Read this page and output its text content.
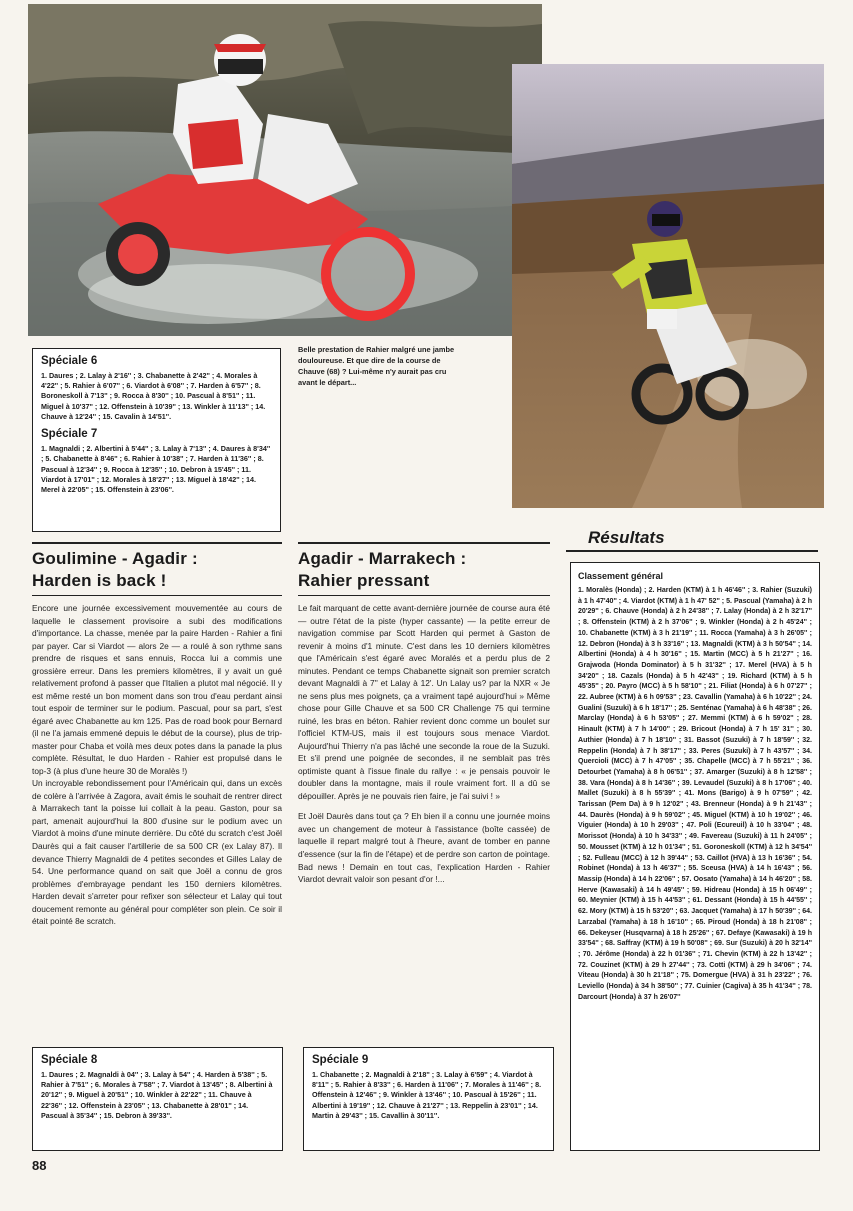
Spéciale 6
1. Daures ; 2. Lalay à 2'16'' ; 3. Chabanette à 2'42'' ; 4. Morales à 4'22'' ; 5. Rahier à 6'07'' ; 6. Viardot à 6'08'' ; 7. Harden à 6'57'' ; 8. Boroneskoll à 7'13'' ; 9. Rocca à 8'30'' ; 10. Pascual à 8'51'' ; 11. Miguel à 10'37'' ; 12. Offenstein à 10'39'' ; 13. Winkler à 11'13'' ; 14. Chauve à 12'24'' ; 15. Cavalin à 14'51''.
Spéciale 7
1. Magnaldi ; 2. Albertini à 5'44'' ; 3. Lalay à 7'13'' ; 4. Daures à 8'34'' ; 5. Chabanette à 8'46'' ; 6. Rahier à 10'38'' ; 7. Harden à 11'36'' ; 8. Pascual à 12'34'' ; 9. Rocca à 12'35'' ; 10. Debron à 15'45'' ; 11. Viardot à 17'01'' ; 12. Morales à 18'27'' ; 13. Miguel à 18'42'' ; 14. Merel à 22'05'' ; 15. Offenstein à 23'06''.
Belle prestation de Rahier malgré une jambe douloureuse. Et que dire de la course de Chauve (68) ? Lui-même n'y aurait pas cru avant le départ...
Goulimine - Agadir :
Harden is back !

Encore une journée excessivement mouvementée au cours de laquelle le classement provisoire a subi des modifications d'importance. La chasse, menée par la paire Harden - Rahier a fini par payer. Car si Viardot — alors 2e — a roulé à son rythme sans prendre de risques et sans ennuis, Rocca lui a commis une grossière erreur. Dans les premiers kilomètres, il y avait un gué relativement profond à passer que l'Italien a plutot mal négocié. Il y est même resté un bon moment dans son trou d'eau perdant ainsi tout espoir de terminer sur le podium. Pascual, pour sa part, s'est égaré avec Chabanette au km 125. Pas de road book pour Bernard (il ne l'a jamais emmené depuis le début de la course), plus de trip-master pour Chaba et voilà mes deux potes dans la panade la plus complète. Résultat, le duo Harden - Rahier est propulsé dans le top-3 (à plus d'une heure 30 de Moralès !)

Un incroyable rebondissement pour l'Américain qui, dans un excès de colère à l'arrivée à Zagora, avait émis le souhait de rentrer direct à Marrakech tant la poisse lui collait à la peau. Gaston, pour sa part, amenait aujourd'hui la 800 d'usine sur le podium avec un Viardot à moins d'une minute derrière. Du côté du scratch c'est Joël Daurès qui a fait causer l'artillerie de sa 500 CR (ex Lalay 87). Il devance Thierry Magnaldi de 4 petites secondes et Gilles Lalay de 54. Une performance quand on sait que Joël a connu de gros problèmes d'embrayage pendant les 150 derniers kilomètres. Harden devait s'arreter pour refixer son sélecteur et Lalay qui tout doucement remonte au général pour compléter son plein. Ce soir il était pointé 8e scratch.

Agadir - Marrakech :
Rahier pressant

Le fait marquant de cette avant-dernière journée de course aura été — outre l'état de la piste (hyper cassante) — la petite erreur de navigation commise par Scott Harden qui permet à Gaston de revenir à moins d'1 minute. C'est dans les 10 derniers kilomètres que l'Américain s'est égaré avec Moralés et a perdu plus de 2 minutes. Pendant ce temps Chabanette signait son premier scratch devant Magnaldi à 7'' et Lalay à 12'. Un Lalay us? par la NXR « Je ne sens plus mes poignets, ça a vraiment tapé aujourd'hui » Même chose pour Gille Chauve et sa 500 CR Challenge 75 qui termine ruiné, les bras en béton. Rahier revient donc comme un boulet sur l'officiel KTM-US, mais il est toujours sous menace Viardot. Aujourd'hui Thierry n'a pas lâché une seconde la roue de la Suzuki. Et s'il prend une poignée de secondes, il ne semblait pas très optimiste quant à l'issue finale du rallye : « je pensais pouvoir le doubler dans la montagne, mais il roule vraiment fort. Il a dû se dépouiller. Après je ne pouvais rien faire, je l'ai suivi ! »

Et Joël Daurès dans tout ça ? Eh bien il a connu une journée moins avec un changement de moteur à l'assistance (boîte cassée) de laquelle il repart malgré tout à l'heure, avant de tomber en panne d'essence (sur la fin de l'étape) et de perdre son carton de pointage. Bad news ! Demain en tout cas, l'explication Harden - Rahier Viardot devrait valoir son pesant d'or !...

Spéciale 8
1. Daures ; 2. Magnaldi à 04'' ; 3. Lalay à 54'' ; 4. Harden à 5'38'' ; 5. Rahier à 7'51'' ; 6. Morales à 7'58'' ; 7. Viardot à 13'45'' ; 8. Albertini à 20'12'' ; 9. Miguel à 20'51'' ; 10. Winkler à 22'22'' ; 11. Chauve à 22'36'' ; 12. Offenstein à 23'05'' ; 13. Chabanette à 28'01'' ; 14. Pascual à 35'34'' ; 15. Debron à 39'33''.
Spéciale 9
1. Chabanette ; 2. Magnaldi à 2'18'' ; 3. Lalay à 6'59'' ; 4. Viardot à 8'11'' ; 5. Rahier à 8'33'' ; 6. Harden à 11'06'' ; 7. Morales à 11'46'' ; 8. Offenstein à 12'46'' ; 9. Winkler à 13'46'' ; 10. Pascual à 15'26'' ; 11. Albertini à 19'19'' ; 12. Chauve à 21'27'' ; 13. Reppelin à 23'01'' ; 14. Martin à 29'43'' ; 15. Cavallin à 30'11''.
Résultats
Classement général
1. Moralès (Honda) ; 2. Harden (KTM) à 1 h 46'46'' ; 3. Rahier (Suzuki) à 1 h 47'40'' ; 4. Viardot (KTM) à 1 h 47' 52'' ; 5. Pascual (Yamaha) à 2 h 20'29'' ; 6. Chauve (Honda) à 2 h 24'38'' ; 7. Lalay (Honda) à 2 h 32'17'' ; 8. Offenstein (KTM) à 2 h 37'06'' ; 9. Winkler (Honda) à 2 h 45'24'' ; 10. Chabanette (KTM) à 3 h 21'19'' ; 11. Rocca (Yamaha) à 3 h 26'05'' ; 12. Debron (Honda) à 3 h 33'16'' ; 13. Magnaldi (KTM) à 3 h 50'54'' ; 14. Albertini (Honda) à 4 h 30'16'' ; 15. Martin (MCC) à 5 h 21'27'' ; 16. Grajwoda (Honda Dominator) à 5 h 31'32'' ; 17. Merel (HVA) à 5 h 34'20'' ; 18. Cazals (Honda) à 5 h 42'43'' ; 19. Richard (KTM) à 5 h 45'35'' ; 20. Payro (MCC) à 5 h 58'10'' ; 21. Filiat (Honda) à 6 h 07'27'' ; 22. Aubree (KTM) à 6 h 09'53'' ; 23. Cavallin (Yamaha) à 6 h 10'22'' ; 24. Gualini (Suzuki) à 6 h 18'17'' ; 25. Senténac (Yamaha) à 6 h 48'38'' ; 26. Marclay (Honda) à 6 h 53'05'' ; 27. Memmi (KTM) à 6 h 59'02'' ; 28. Hinault (KTM) à 7 h 14'00'' ; 29. Bricout (Honda) à 7 h 15' 31'' ; 30. Authier (Honda) à 7 h 18'10'' ; 31. Bassot (Suzuki) à 7 h 18'59'' ; 32. Reppelin (Honda) à 7 h 38'17'' ; 33. Peres (Suzuki) à 7 h 43'57'' ; 34. Quercioli (MCC) à 7 h 47'05'' ; 35. Chapelle (MCC) à 7 h 55'21'' ; 36. Detourbet (Yamaha) à 8 h 06'51'' ; 37. Amarger (Suzuki) à 8 h 12'58'' ; 38. Vara (Honda) à 8 h 14'36'' ; 39. Levaudel (Suzuki) à 8 h 17'06'' ; 40. Mallet (Suzuki) à 8 h 55'39'' ; 41. Mons (Barigo) à 9 h 07'59'' ; 42. Tarissan (Pem Da) à 9 h 12'02'' ; 43. Brenneur (Honda) à 9 h 21'43'' ; 44. Daurès (Honda) à 9 h 59'02'' ; 45. Miguel (KTM) à 10 h 19'02'' ; 46. Viguier (Honda) à 10 h 29'03'' ; 47. Poli (Ecureuil) à 10 h 33'04'' ; 48. Morissot (Honda) à 10 h 34'33'' ; 49. Favereau (Suzuki) à 11 h 24'05'' ; 50. Mousset (KTM) à 12 h 01'34'' ; 51. Goroneskoll (KTM) à 12 h 34'54'' ; 52. Fulleau (MCC) à 12 h 39'44'' ; 53. Caillot (HVA) à 13 h 16'36'' ; 54. Robinet (Honda) à 13 h 46'37'' ; 55. Sceusa (HVA) à 14 h 16'43'' ; 56. Massip (Honda) à 14 h 22'06'' ; 57. Oosato (Yamaha) à 14 h 46'20'' ; 58. Herve (Kawasaki) à 14 h 49'45'' ; 59. Hidreau (Honda) à 15 h 06'49'' ; 60. Meynier (KTM) à 15 h 44'53'' ; 61. Dessant (Honda) à 15 h 44'55'' ; 62. Mory (KTM) à 15 h 53'20'' ; 63. Jacquet (Yamaha) à 17 h 50'39'' ; 64. Larzabal (Yamaha) à 18 h 16'10'' ; 65. Piroud (Honda) à 18 h 21'08'' ; 66. Dekeyser (Husqvarna) à 18 h 25'26'' ; 67. Defaye (Kawasaki) à 19 h 33'54'' ; 68. Saffray (KTM) à 19 h 50'08'' ; 69. Sur (Suzuki) à 20 h 32'14'' ; 70. Jérôme (Honda) à 22 h 01'36'' ; 71. Chevin (KTM) à 22 h 13'42'' ; 72. Couzinet (KTM) à 29 h 27'44'' ; 73. Cotti (KTM) à 29 h 34'06'' ; 74. Viteau (Honda) à 30 h 21'18'' ; 75. Domergue (HVA) à 31 h 23'22'' ; 76. Leviello (Honda) à 34 h 38'50'' ; 77. Cuinier (Cagiva) à 35 h 41'34'' ; 78. Darcourt (Honda) à 37 h 26'07''
88
